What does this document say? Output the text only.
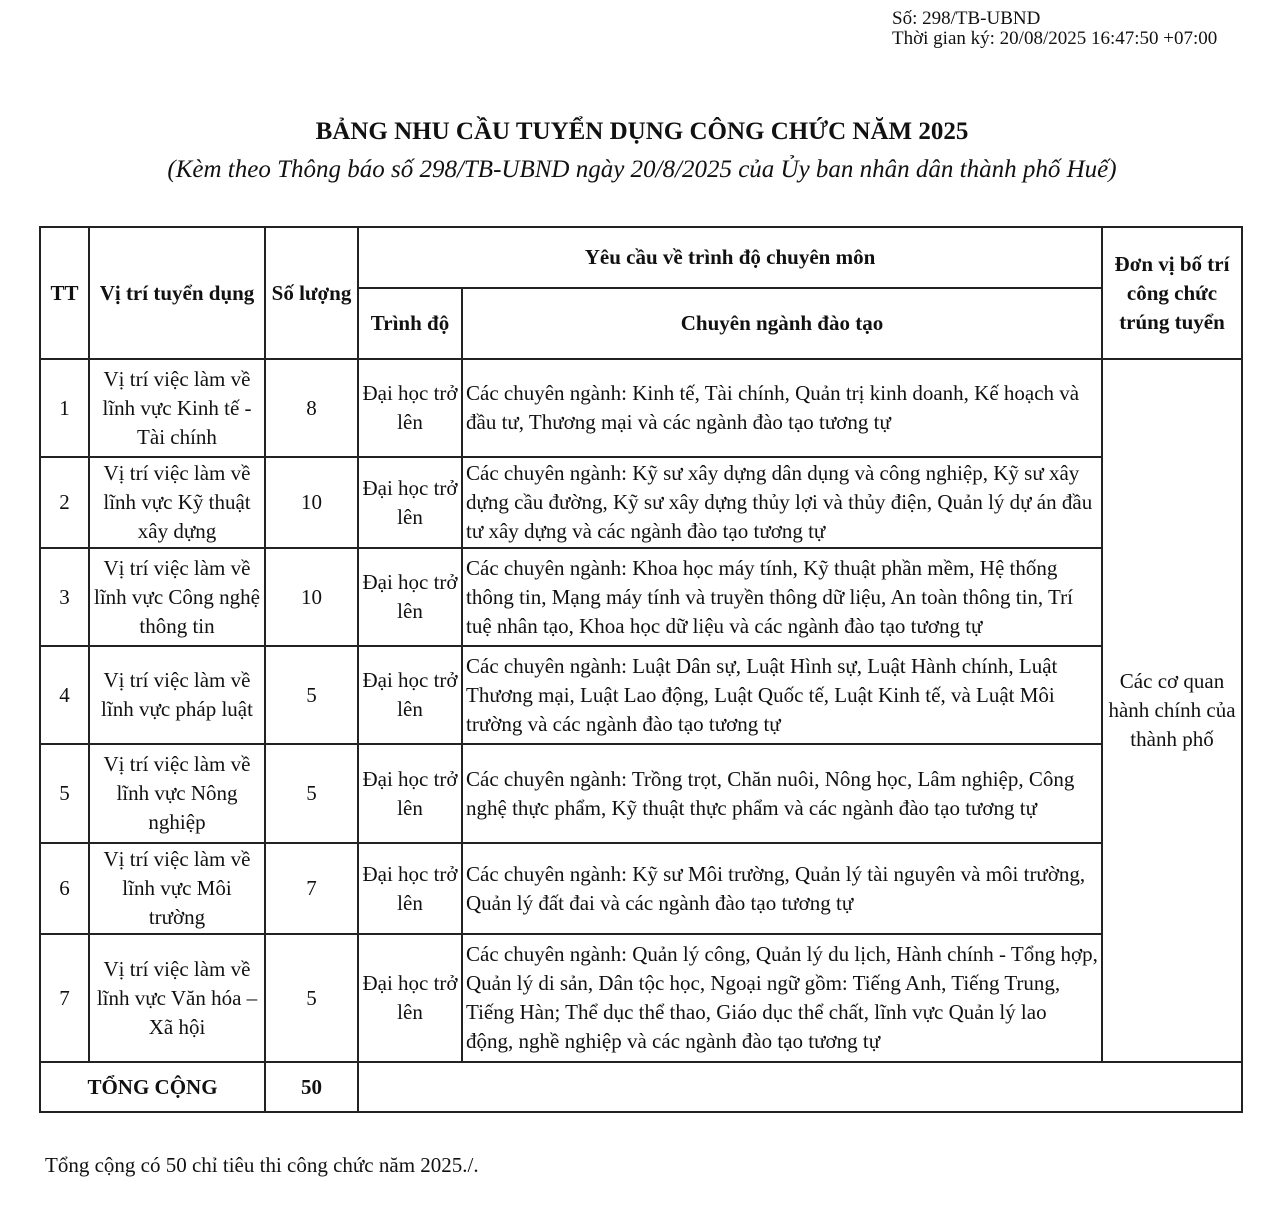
Số: 298/TB-UBND
Thời gian ký: 20/08/2025 16:47:50 +07:00
BẢNG NHU CẦU TUYỂN DỤNG CÔNG CHỨC NĂM 2025
(Kèm theo Thông báo số 298/TB-UBND ngày 20/8/2025 của Ủy ban nhân dân thành phố Huế)
TT	Vị trí tuyển dụng	Số lượng	Yêu cầu về trình độ chuyên môn		Đơn vị bố trí công chức trúng tuyển
			Trình độ	Chuyên ngành đào tạo	
1	Vị trí việc làm về lĩnh vực Kinh tế - Tài chính	8	Đại học trở lên	Các chuyên ngành: Kinh tế, Tài chính, Quản trị kinh doanh, Kế hoạch và đầu tư, Thương mại và các ngành đào tạo tương tự	Các cơ quan hành chính của thành phố
2	Vị trí việc làm về lĩnh vực Kỹ thuật xây dựng	10	Đại học trở lên	Các chuyên ngành: Kỹ sư xây dựng dân dụng và công nghiệp, Kỹ sư xây dựng cầu đường, Kỹ sư xây dựng thủy lợi và thủy điện, Quản lý dự án đầu tư xây dựng và các ngành đào tạo tương tự	
3	Vị trí việc làm về lĩnh vực Công nghệ thông tin	10	Đại học trở lên	Các chuyên ngành: Khoa học máy tính, Kỹ thuật phần mềm, Hệ thống thông tin, Mạng máy tính và truyền thông dữ liệu, An toàn thông tin, Trí tuệ nhân tạo, Khoa học dữ liệu và các ngành đào tạo tương tự	

4	Vị trí việc làm về lĩnh vực pháp luật	5	Đại học trở lên	Các chuyên ngành: Luật Dân sự, Luật Hình sự, Luật Hành chính, Luật Thương mại, Luật Lao động, Luật Quốc tế, Luật Kinh tế, và Luật Môi trường và các ngành đào tạo tương tự	
5	Vị trí việc làm về lĩnh vực Nông nghiệp	5	Đại học trở lên	Các chuyên ngành: Trồng trọt, Chăn nuôi, Nông học, Lâm nghiệp, Công nghệ thực phẩm, Kỹ thuật thực phẩm và các ngành đào tạo tương tự	
6	Vị trí việc làm về lĩnh vực Môi trường	7	Đại học trở lên	Các chuyên ngành: Kỹ sư Môi trường, Quản lý tài nguyên và môi trường, Quản lý đất đai và các ngành đào tạo tương tự	
7	Vị trí việc làm về lĩnh vực Văn hóa – Xã hội	5	Đại học trở lên	Các chuyên ngành: Quản lý công, Quản lý du lịch, Hành chính - Tổng hợp, Quản lý di sản, Dân tộc học, Ngoại ngữ gồm: Tiếng Anh, Tiếng Trung, Tiếng Hàn; Thể dục thể thao, Giáo dục thể chất, lĩnh vực Quản lý lao động, nghề nghiệp và các ngành đào tạo tương tự	
TỔNG CỘNG		50			
Tổng cộng có 50 chỉ tiêu thi công chức năm 2025./.
